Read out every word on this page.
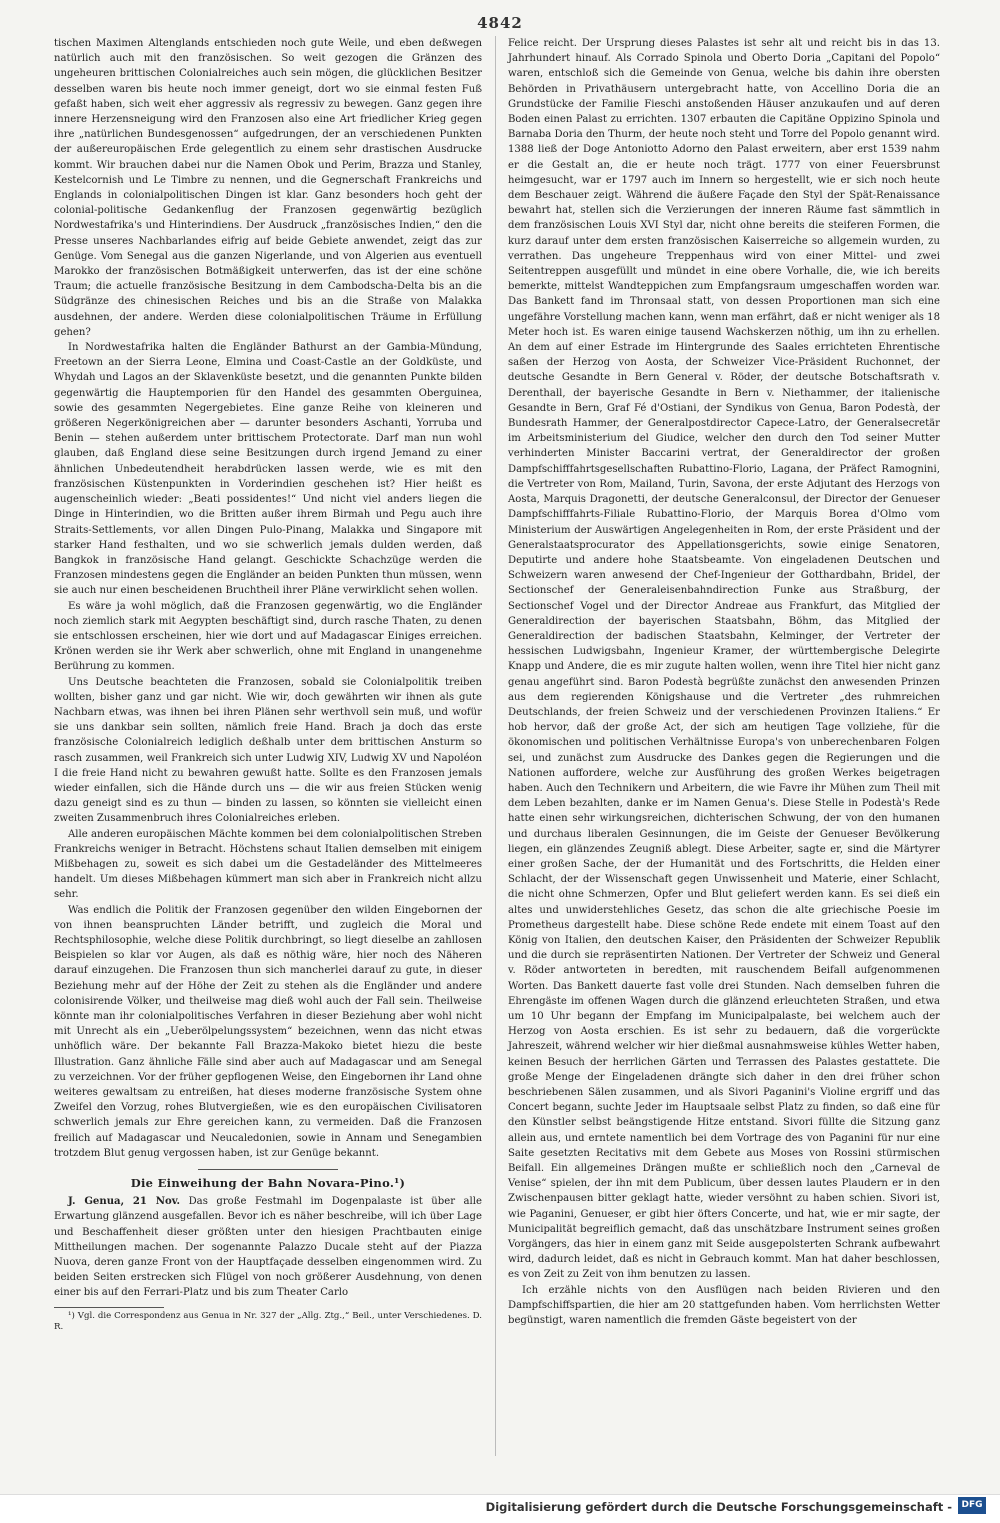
4842

tischen Maximen Altenglands entschieden noch gute Weile, und eben deßwegen natürlich auch mit den französischen. So weit gezogen die Gränzen des ungeheuren brittischen Colonialreiches auch sein mögen, die glücklichen Besitzer desselben waren bis heute noch immer geneigt, dort wo sie einmal festen Fuß gefaßt haben, sich weit eher aggressiv als regressiv zu bewegen. Ganz gegen ihre innere Herzensneigung wird den Franzosen also eine Art friedlicher Krieg gegen ihre „natürlichen Bundesgenossen“ aufgedrungen, der an verschiedenen Punkten der außereuropäischen Erde gelegentlich zu einem sehr drastischen Ausdrucke kommt. Wir brauchen dabei nur die Namen Obok und Perim, Brazza und Stanley, Kestelcornish und Le Timbre zu nennen, und die Gegnerschaft Frankreichs und Englands in colonialpolitischen Dingen ist klar. Ganz besonders hoch geht der colonial-politische Gedankenflug der Franzosen gegenwärtig bezüglich Nordwestafrika's und Hinterindiens. Der Ausdruck „französisches Indien,“ den die Presse unseres Nachbarlandes eifrig auf beide Gebiete anwendet, zeigt das zur Genüge. Vom Senegal aus die ganzen Nigerlande, und von Algerien aus eventuell Marokko der französischen Botmäßigkeit unterwerfen, das ist der eine schöne Traum; die actuelle französische Besitzung in dem Cambodscha-Delta bis an die Südgränze des chinesischen Reiches und bis an die Straße von Malakka ausdehnen, der andere. Werden diese colonialpolitischen Träume in Erfüllung gehen?

In Nordwestafrika halten die Engländer Bathurst an der Gambia-Mündung, Freetown an der Sierra Leone, Elmina und Coast-Castle an der Goldküste, und Whydah und Lagos an der Sklavenküste besetzt, und die genannten Punkte bilden gegenwärtig die Hauptemporien für den Handel des gesammten Oberguinea, sowie des gesammten Negergebietes. Eine ganze Reihe von kleineren und größeren Negerkönigreichen aber — darunter besonders Aschanti, Yorruba und Benin — stehen außerdem unter brittischem Protectorate. Darf man nun wohl glauben, daß England diese seine Besitzungen durch irgend Jemand zu einer ähnlichen Unbedeutendheit herabdrücken lassen werde, wie es mit den französischen Küstenpunkten in Vorderindien geschehen ist? Hier heißt es augenscheinlich wieder: „Beati possidentes!“ Und nicht viel anders liegen die Dinge in Hinterindien, wo die Britten außer ihrem Birmah und Pegu auch ihre Straits-Settlements, vor allen Dingen Pulo-Pinang, Malakka und Singapore mit starker Hand festhalten, und wo sie schwerlich jemals dulden werden, daß Bangkok in französische Hand gelangt. Geschickte Schachzüge werden die Franzosen mindestens gegen die Engländer an beiden Punkten thun müssen, wenn sie auch nur einen bescheidenen Bruchtheil ihrer Pläne verwirklicht sehen wollen.

Es wäre ja wohl möglich, daß die Franzosen gegenwärtig, wo die Engländer noch ziemlich stark mit Aegypten beschäftigt sind, durch rasche Thaten, zu denen sie entschlossen erscheinen, hier wie dort und auf Madagascar Einiges erreichen. Krönen werden sie ihr Werk aber schwerlich, ohne mit England in unangenehme Berührung zu kommen.

Uns Deutsche beachteten die Franzosen, sobald sie Colonialpolitik treiben wollten, bisher ganz und gar nicht. Wie wir, doch gewährten wir ihnen als gute Nachbarn etwas, was ihnen bei ihren Plänen sehr werthvoll sein muß, und wofür sie uns dankbar sein sollten, nämlich freie Hand. Brach ja doch das erste französische Colonialreich lediglich deßhalb unter dem brittischen Ansturm so rasch zusammen, weil Frankreich sich unter Ludwig XIV, Ludwig XV und Napoléon I die freie Hand nicht zu bewahren gewußt hatte. Sollte es den Franzosen jemals wieder einfallen, sich die Hände durch uns — die wir aus freien Stücken wenig dazu geneigt sind es zu thun — binden zu lassen, so könnten sie vielleicht einen zweiten Zusammenbruch ihres Colonialreiches erleben.

Alle anderen europäischen Mächte kommen bei dem colonialpolitischen Streben Frankreichs weniger in Betracht. Höchstens schaut Italien demselben mit einigem Mißbehagen zu, soweit es sich dabei um die Gestadeländer des Mittelmeeres handelt. Um dieses Mißbehagen kümmert man sich aber in Frankreich nicht allzu sehr.

Was endlich die Politik der Franzosen gegenüber den wilden Eingebornen der von ihnen beanspruchten Länder betrifft, und zugleich die Moral und Rechtsphilosophie, welche diese Politik durchbringt, so liegt dieselbe an zahllosen Beispielen so klar vor Augen, als daß es nöthig wäre, hier noch des Näheren darauf einzugehen. Die Franzosen thun sich mancherlei darauf zu gute, in dieser Beziehung mehr auf der Höhe der Zeit zu stehen als die Engländer und andere colonisirende Völker, und theilweise mag dieß wohl auch der Fall sein. Theilweise könnte man ihr colonialpolitisches Verfahren in dieser Beziehung aber wohl nicht mit Unrecht als ein „Ueberölpelungssystem“ bezeichnen, wenn das nicht etwas unhöflich wäre. Der bekannte Fall Brazza-Makoko bietet hiezu die beste Illustration. Ganz ähnliche Fälle sind aber auch auf Madagascar und am Senegal zu verzeichnen. Vor der früher gepflogenen Weise, den Eingebornen ihr Land ohne weiteres gewaltsam zu entreißen, hat dieses moderne französische System ohne Zweifel den Vorzug, rohes Blutvergießen, wie es den europäischen Civilisatoren schwerlich jemals zur Ehre gereichen kann, zu vermeiden. Daß die Franzosen freilich auf Madagascar und Neucaledonien, sowie in Annam und Senegambien trotzdem Blut genug vergossen haben, ist zur Genüge bekannt.

Die Einweihung der Bahn Novara-Pino.¹)

J. Genua, 21 Nov. Das große Festmahl im Dogenpalaste ist über alle Erwartung glänzend ausgefallen. Bevor ich es näher beschreibe, will ich über Lage und Beschaffenheit dieser größten unter den hiesigen Prachtbauten einige Mittheilungen machen. Der sogenannte Palazzo Ducale steht auf der Piazza Nuova, deren ganze Front von der Hauptfaçade desselben eingenommen wird. Zu beiden Seiten erstrecken sich Flügel von noch größerer Ausdehnung, von denen einer bis auf den Ferrari-Platz und bis zum Theater Carlo

¹) Vgl. die Correspondenz aus Genua in Nr. 327 der „Allg. Ztg.,“ Beil., unter Verschiedenes. D. R.

Felice reicht. Der Ursprung dieses Palastes ist sehr alt und reicht bis in das 13. Jahrhundert hinauf. Als Corrado Spinola und Oberto Doria „Capitani del Popolo“ waren, entschloß sich die Gemeinde von Genua, welche bis dahin ihre obersten Behörden in Privathäusern untergebracht hatte, von Accellino Doria die an Grundstücke der Familie Fieschi anstoßenden Häuser anzukaufen und auf deren Boden einen Palast zu errichten. 1307 erbauten die Capitäne Oppizino Spinola und Barnaba Doria den Thurm, der heute noch steht und Torre del Popolo genannt wird. 1388 ließ der Doge Antoniotto Adorno den Palast erweitern, aber erst 1539 nahm er die Gestalt an, die er heute noch trägt. 1777 von einer Feuersbrunst heimgesucht, war er 1797 auch im Innern so hergestellt, wie er sich noch heute dem Beschauer zeigt. Während die äußere Façade den Styl der Spät-Renaissance bewahrt hat, stellen sich die Verzierungen der inneren Räume fast sämmtlich in dem französischen Louis XVI Styl dar, nicht ohne bereits die steiferen Formen, die kurz darauf unter dem ersten französischen Kaiserreiche so allgemein wurden, zu verrathen. Das ungeheure Treppenhaus wird von einer Mittel- und zwei Seitentreppen ausgefüllt und mündet in eine obere Vorhalle, die, wie ich bereits bemerkte, mittelst Wandteppichen zum Empfangsraum umgeschaffen worden war. Das Bankett fand im Thronsaal statt, von dessen Proportionen man sich eine ungefähre Vorstellung machen kann, wenn man erfährt, daß er nicht weniger als 18 Meter hoch ist. Es waren einige tausend Wachskerzen nöthig, um ihn zu erhellen. An dem auf einer Estrade im Hintergrunde des Saales errichteten Ehrentische saßen der Herzog von Aosta, der Schweizer Vice-Präsident Ruchonnet, der deutsche Gesandte in Bern General v. Röder, der deutsche Botschaftsrath v. Derenthall, der bayerische Gesandte in Bern v. Niethammer, der italienische Gesandte in Bern, Graf Fé d'Ostiani, der Syndikus von Genua, Baron Podestà, der Bundesrath Hammer, der Generalpostdirector Capece-Latro, der Generalsecretär im Arbeitsministerium del Giudice, welcher den durch den Tod seiner Mutter verhinderten Minister Baccarini vertrat, der Generaldirector der großen Dampfschifffahrtsgesellschaften Rubattino-Florio, Lagana, der Präfect Ramognini, die Vertreter von Rom, Mailand, Turin, Savona, der erste Adjutant des Herzogs von Aosta, Marquis Dragonetti, der deutsche Generalconsul, der Director der Genueser Dampfschifffahrts-Filiale Rubattino-Florio, der Marquis Borea d'Olmo vom Ministerium der Auswärtigen Angelegenheiten in Rom, der erste Präsident und der Generalstaatsprocurator des Appellationsgerichts, sowie einige Senatoren, Deputirte und andere hohe Staatsbeamte. Von eingeladenen Deutschen und Schweizern waren anwesend der Chef-Ingenieur der Gotthardbahn, Bridel, der Sectionschef der Generaleisenbahndirection Funke aus Straßburg, der Sectionschef Vogel und der Director Andreae aus Frankfurt, das Mitglied der Generaldirection der bayerischen Staatsbahn, Böhm, das Mitglied der Generaldirection der badischen Staatsbahn, Kelminger, der Vertreter der hessischen Ludwigsbahn, Ingenieur Kramer, der württembergische Delegirte Knapp und Andere, die es mir zugute halten wollen, wenn ihre Titel hier nicht ganz genau angeführt sind. Baron Podestà begrüßte zunächst den anwesenden Prinzen aus dem regierenden Königshause und die Vertreter „des ruhmreichen Deutschlands, der freien Schweiz und der verschiedenen Provinzen Italiens.“ Er hob hervor, daß der große Act, der sich am heutigen Tage vollziehe, für die ökonomischen und politischen Verhältnisse Europa's von unberechenbaren Folgen sei, und zunächst zum Ausdrucke des Dankes gegen die Regierungen und die Nationen auffordere, welche zur Ausführung des großen Werkes beigetragen haben. Auch den Technikern und Arbeitern, die wie Favre ihr Mühen zum Theil mit dem Leben bezahlten, danke er im Namen Genua's. Diese Stelle in Podestà's Rede hatte einen sehr wirkungsreichen, dichterischen Schwung, der von den humanen und durchaus liberalen Gesinnungen, die im Geiste der Genueser Bevölkerung liegen, ein glänzendes Zeugniß ablegt. Diese Arbeiter, sagte er, sind die Märtyrer einer großen Sache, der der Humanität und des Fortschritts, die Helden einer Schlacht, der der Wissenschaft gegen Unwissenheit und Materie, einer Schlacht, die nicht ohne Schmerzen, Opfer und Blut geliefert werden kann. Es sei dieß ein altes und unwiderstehliches Gesetz, das schon die alte griechische Poesie im Prometheus dargestellt habe. Diese schöne Rede endete mit einem Toast auf den König von Italien, den deutschen Kaiser, den Präsidenten der Schweizer Republik und die durch sie repräsentirten Nationen. Der Vertreter der Schweiz und General v. Röder antworteten in beredten, mit rauschendem Beifall aufgenommenen Worten. Das Bankett dauerte fast volle drei Stunden. Nach demselben fuhren die Ehrengäste im offenen Wagen durch die glänzend erleuchteten Straßen, und etwa um 10 Uhr begann der Empfang im Municipalpalaste, bei welchem auch der Herzog von Aosta erschien. Es ist sehr zu bedauern, daß die vorgerückte Jahreszeit, während welcher wir hier dießmal ausnahmsweise kühles Wetter haben, keinen Besuch der herrlichen Gärten und Terrassen des Palastes gestattete. Die große Menge der Eingeladenen drängte sich daher in den drei früher schon beschriebenen Sälen zusammen, und als Sivori Paganini's Violine ergriff und das Concert begann, suchte Jeder im Hauptsaale selbst Platz zu finden, so daß eine für den Künstler selbst beängstigende Hitze entstand. Sivori füllte die Sitzung ganz allein aus, und erntete namentlich bei dem Vortrage des von Paganini für nur eine Saite gesetzten Recitativs mit dem Gebete aus Moses von Rossini stürmischen Beifall. Ein allgemeines Drängen mußte er schließlich noch den „Carneval de Venise“ spielen, der ihn mit dem Publicum, über dessen lautes Plaudern er in den Zwischenpausen bitter geklagt hatte, wieder versöhnt zu haben schien. Sivori ist, wie Paganini, Genueser, er gibt hier öfters Concerte, und hat, wie er mir sagte, der Municipalität begreiflich gemacht, daß das unschätzbare Instrument seines großen Vorgängers, das hier in einem ganz mit Seide ausgepolsterten Schrank aufbewahrt wird, dadurch leidet, daß es nicht in Gebrauch kommt. Man hat daher beschlossen, es von Zeit zu Zeit von ihm benutzen zu lassen.

Ich erzähle nichts von den Ausflügen nach beiden Rivieren und den Dampfschiffspartien, die hier am 20 stattgefunden haben. Vom herrlichsten Wetter begünstigt, waren namentlich die fremden Gäste begeistert von der

Digitalisierung gefördert durch die Deutsche Forschungsgemeinschaft -	DFG
